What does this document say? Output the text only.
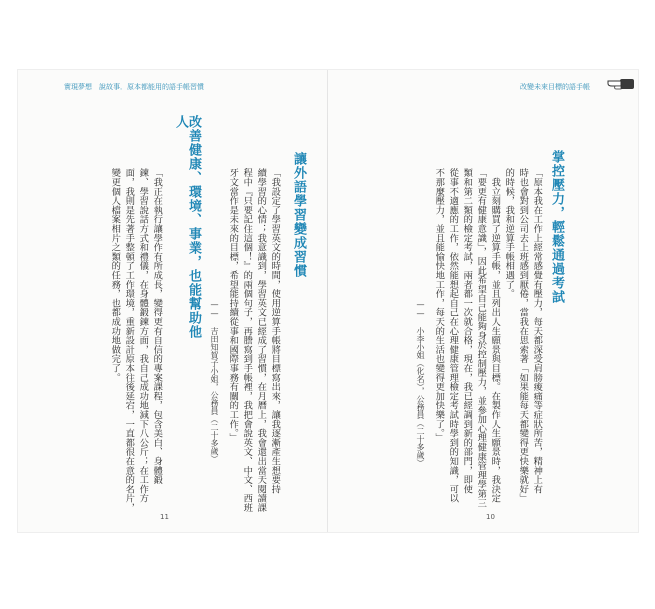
實現夢想　說故事．原本都能用的語手帳習慣	改變未來目標的語手帳
11	10
掌控壓力，輕鬆通過考試
「原本我在工作上經常感覺有壓力，每天都深受肩膀痠痛等症狀所苦，精神上有
時也會對到公司去上班感到厭倦，當我在思索著「如果能每天都變得更快樂就好」
的時候，我和逆算手帳相遇了。
　我立刻購買了逆算手帳，並且列出人生願景與目標。在製作人生願景時，我決定
「要更有健康意識」，因此希望自己能夠身於控制壓力，並參加心理健康管理學第三
類和第二類的檢定考試，兩者都一次就合格，現在，我已經調到新的部門，即使
從事不適應的工作，依然能想起自己在心理健康管理檢定考試時學到的知識，可以
不那麼壓力，並且能愉快地工作，每天的生活也變得更加快樂了。」
—— 小李小姐（化名），公務員（二十多歲）
讓外語學習變成習慣
「我設定了學習英文的時間，使用逆算手帳將目標寫出來，讓我逐漸產生想要持
續學習的心情；我意識到，學習英文已經成了習慣，在月曆上，我會還出當天閱讀課
程中『只要記住這個！』的兩個句子，再謄寫到手帳裡，我把會說英文、中文、西班
牙文當作是未來的目標，希望能持續從事和國際事務有關的工作。」
—— 吉田知賀子小姐，公務員（二十多歲）
改善健康、環境、事業，也能幫助他人
「我正在執行讓學作有所成長，變得更有自信的專案課程，包含美白、身體鍛
鍊、學習說話方式和禮儀，在身體鍛鍊方面，我自己成功地減下八公斤；在工作方
面，我則是先著手整頓了工作環境，重新設計原本往後延宕，一直都很在意的名片，
變更個人檔案相片之類的任務，也都成功地做完了。
